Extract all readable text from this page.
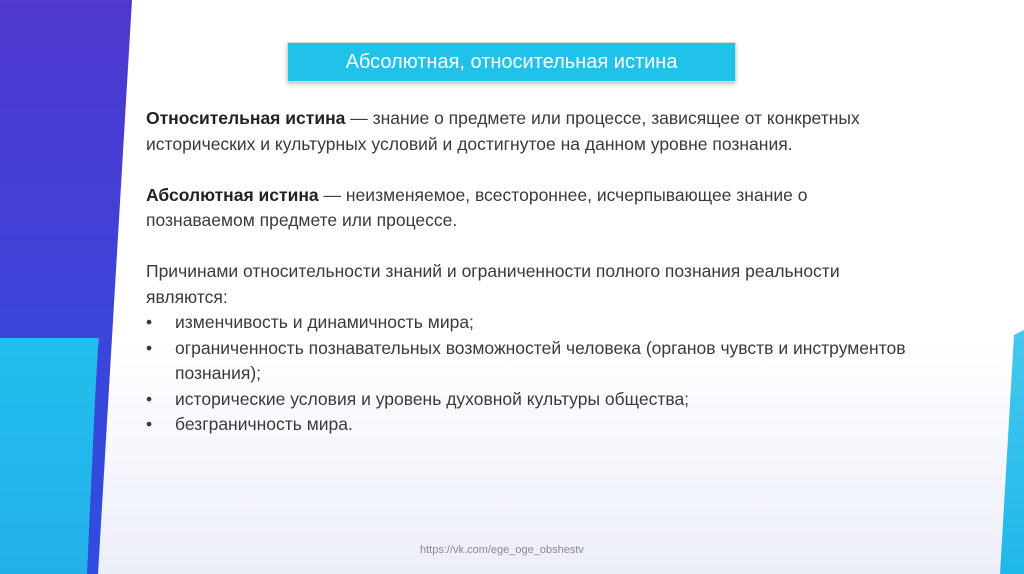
Абсолютная, относительная истина

Относительная истина — знание о предмете или процессе, зависящее от конкретных исторических и культурных условий и достигнутое на данном уровне познания.

Абсолютная истина — неизменяемое, всестороннее, исчерпывающее знание о познаваемом предмете или процессе.

Причинами относительности знаний и ограниченности полного познания реальности являются:

• изменчивость и динамичность мира;
• ограниченность познавательных возможностей человека (органов чувств и инструментов познания);
• исторические условия и уровень духовной культуры общества;
• безграничность мира.
https://vk.com/ege_oge_obshestv
